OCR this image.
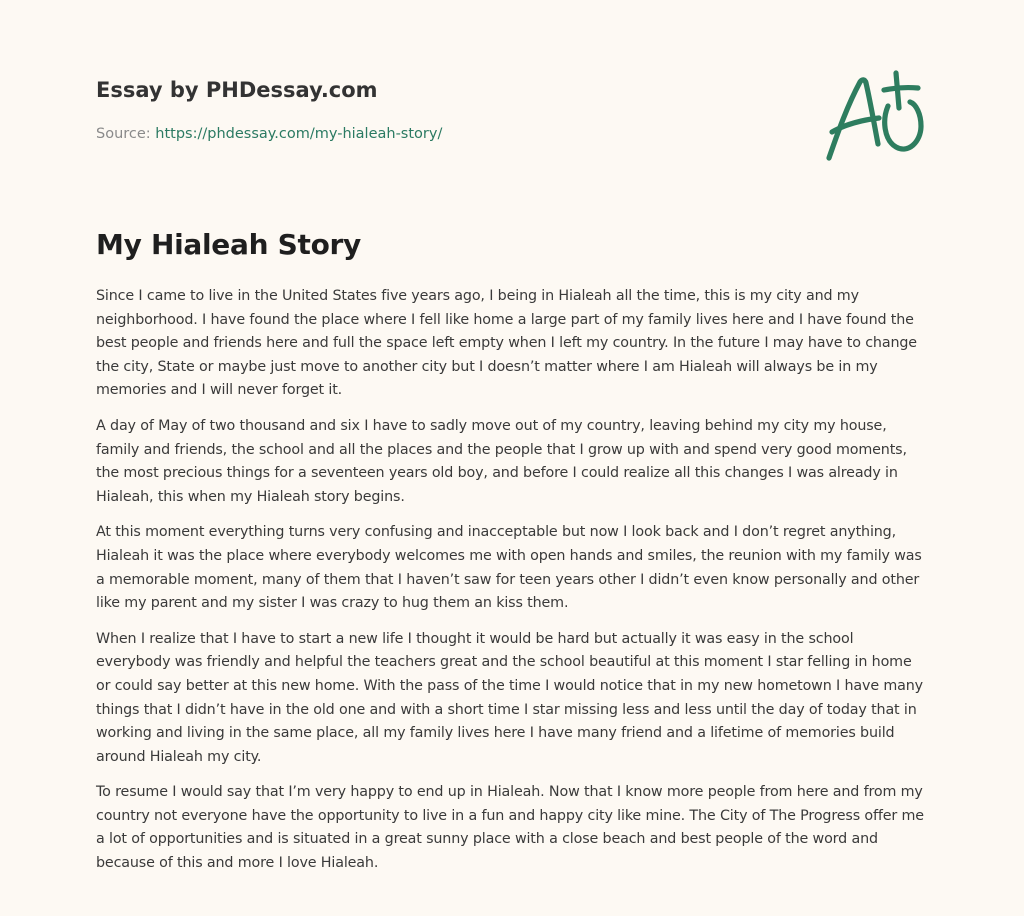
Essay by PHDessay.com
Source: https://phdessay.com/my-hialeah-story/
My Hialeah Story

Since I came to live in the United States five years ago, I being in Hialeah all the time, this is my city and my neighborhood. I have found the place where I fell like home a large part of my family lives here and I have found the best people and friends here and full the space left empty when I left my country. In the future I may have to change the city, State or maybe just move to another city but I doesn’t matter where I am Hialeah will always be in my memories and I will never forget it.

A day of May of two thousand and six I have to sadly move out of my country, leaving behind my city my house, family and friends, the school and all the places and the people that I grow up with and spend very good moments, the most precious things for a seventeen years old boy, and before I could realize all this changes I was already in Hialeah, this when my Hialeah story begins.

At this moment everything turns very confusing and inacceptable but now I look back and I don’t regret anything, Hialeah it was the place where everybody welcomes me with open hands and smiles, the reunion with my family was a memorable moment, many of them that I haven’t saw for teen years other I didn’t even know personally and other like my parent and my sister I was crazy to hug them an kiss them.

When I realize that I have to start a new life I thought it would be hard but actually it was easy in the school everybody was friendly and helpful the teachers great and the school beautiful at this moment I star felling in home or could say better at this new home. With the pass of the time I would notice that in my new hometown I have many things that I didn’t have in the old one and with a short time I star missing less and less until the day of today that in working and living in the same place, all my family lives here I have many friend and a lifetime of memories build around Hialeah my city.

To resume I would say that I’m very happy to end up in Hialeah. Now that I know more people from here and from my country not everyone have the opportunity to live in a fun and happy city like mine. The City of The Progress offer me a lot of opportunities and is situated in a great sunny place with a close beach and best people of the word and because of this and more I love Hialeah.
